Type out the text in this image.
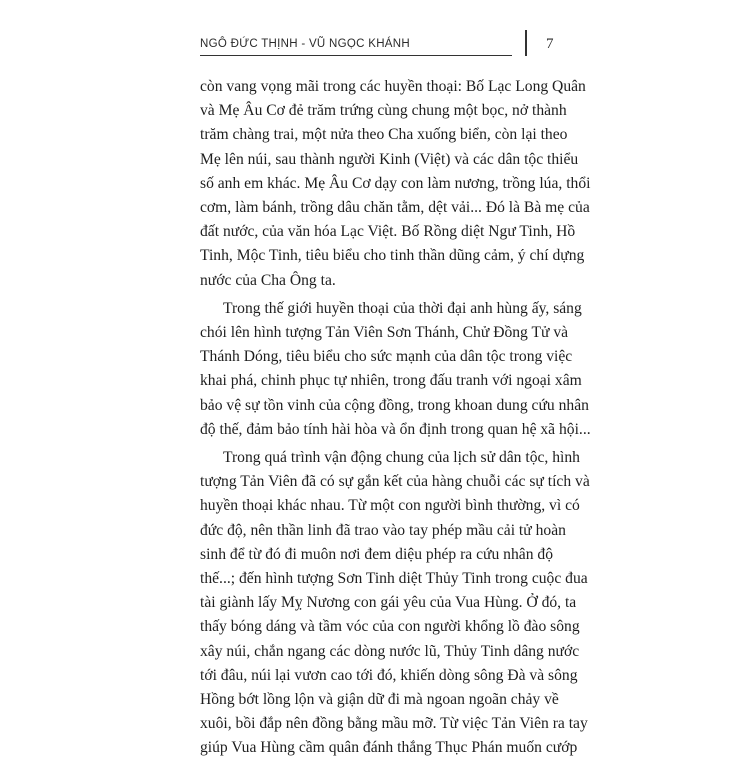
NGÔ ĐỨC THỊNH - VŨ NGỌC KHÁNH	7

còn vang vọng mãi trong các huyền thoại: Bố Lạc Long Quân
và Mẹ Âu Cơ đẻ trăm trứng cùng chung một bọc, nở thành
trăm chàng trai, một nửa theo Cha xuống biển, còn lại theo
Mẹ lên núi, sau thành người Kinh (Việt) và các dân tộc thiểu
số anh em khác. Mẹ Âu Cơ dạy con làm nương, trồng lúa, thổi
cơm, làm bánh, trồng dâu chăn tằm, dệt vải... Đó là Bà mẹ của
đất nước, của văn hóa Lạc Việt. Bố Rồng diệt Ngư Tinh, Hồ
Tinh, Mộc Tinh, tiêu biểu cho tinh thần dũng cảm, ý chí dựng
nước của Cha Ông ta.

Trong thế giới huyền thoại của thời đại anh hùng ấy, sáng
chói lên hình tượng Tản Viên Sơn Thánh, Chử Đồng Tử và
Thánh Dóng, tiêu biểu cho sức mạnh của dân tộc trong việc
khai phá, chinh phục tự nhiên, trong đấu tranh với ngoại xâm
bảo vệ sự tồn vinh của cộng đồng, trong khoan dung cứu nhân
độ thế, đảm bảo tính hài hòa và ổn định trong quan hệ xã hội...

Trong quá trình vận động chung của lịch sử dân tộc, hình
tượng Tản Viên đã có sự gắn kết của hàng chuỗi các sự tích và
huyền thoại khác nhau. Từ một con người bình thường, vì có
đức độ, nên thần linh đã trao vào tay phép mầu cải tử hoàn
sinh để từ đó đi muôn nơi đem diệu phép ra cứu nhân độ
thế...; đến hình tượng Sơn Tinh diệt Thủy Tinh trong cuộc đua
tài giành lấy Mỵ Nương con gái yêu của Vua Hùng. Ở đó, ta
thấy bóng dáng và tầm vóc của con người khổng lồ đào sông
xây núi, chắn ngang các dòng nước lũ, Thủy Tinh dâng nước
tới đâu, núi lại vươn cao tới đó, khiến dòng sông Đà và sông
Hồng bớt lồng lộn và giận dữ đi mà ngoan ngoãn chảy về
xuôi, bồi đắp nên đồng bằng mầu mỡ. Từ việc Tản Viên ra tay
giúp Vua Hùng cầm quân đánh thắng Thục Phán muốn cướp
